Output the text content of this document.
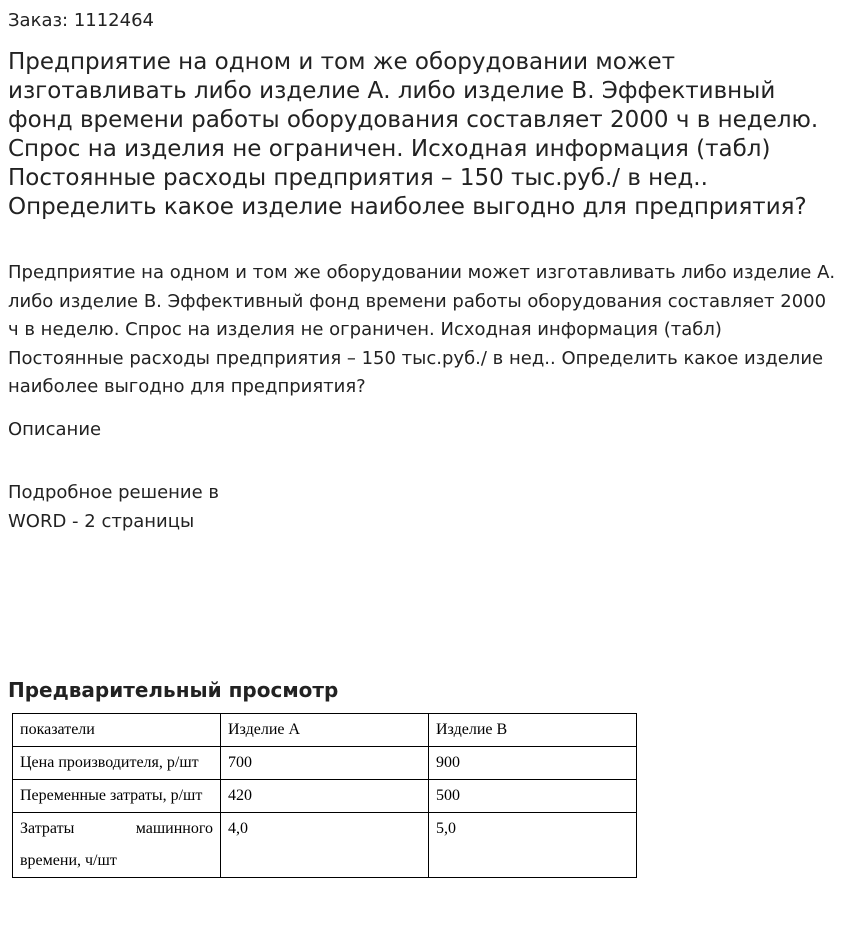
Заказ: 1112464

Предприятие на одном и том же оборудовании может изготавливать либо изделие А. либо изделие В. Эффективный фонд времени работы оборудования составляет 2000 ч в неделю. Спрос на изделия не ограничен. Исходная информация (табл) Постоянные расходы предприятия – 150 тыс.руб./ в нед.. Определить какое изделие наиболее выгодно для предприятия?

Предприятие на одном и том же оборудовании может изготавливать либо изделие А. либо изделие В. Эффективный фонд времени работы оборудования составляет 2000 ч в неделю. Спрос на изделия не ограничен. Исходная информация (табл) Постоянные расходы предприятия – 150 тыс.руб./ в нед.. Определить какое изделие наиболее выгодно для предприятия?

Описание

Подробное решение в WORD - 2 страницы

Предварительный просмотр
показатели	Изделие А	Изделие В
Цена производителя, р/шт	700	900
Переменные затраты, р/шт	420	500
Затраты машинного времени, ч/шт	4,0	5,0
